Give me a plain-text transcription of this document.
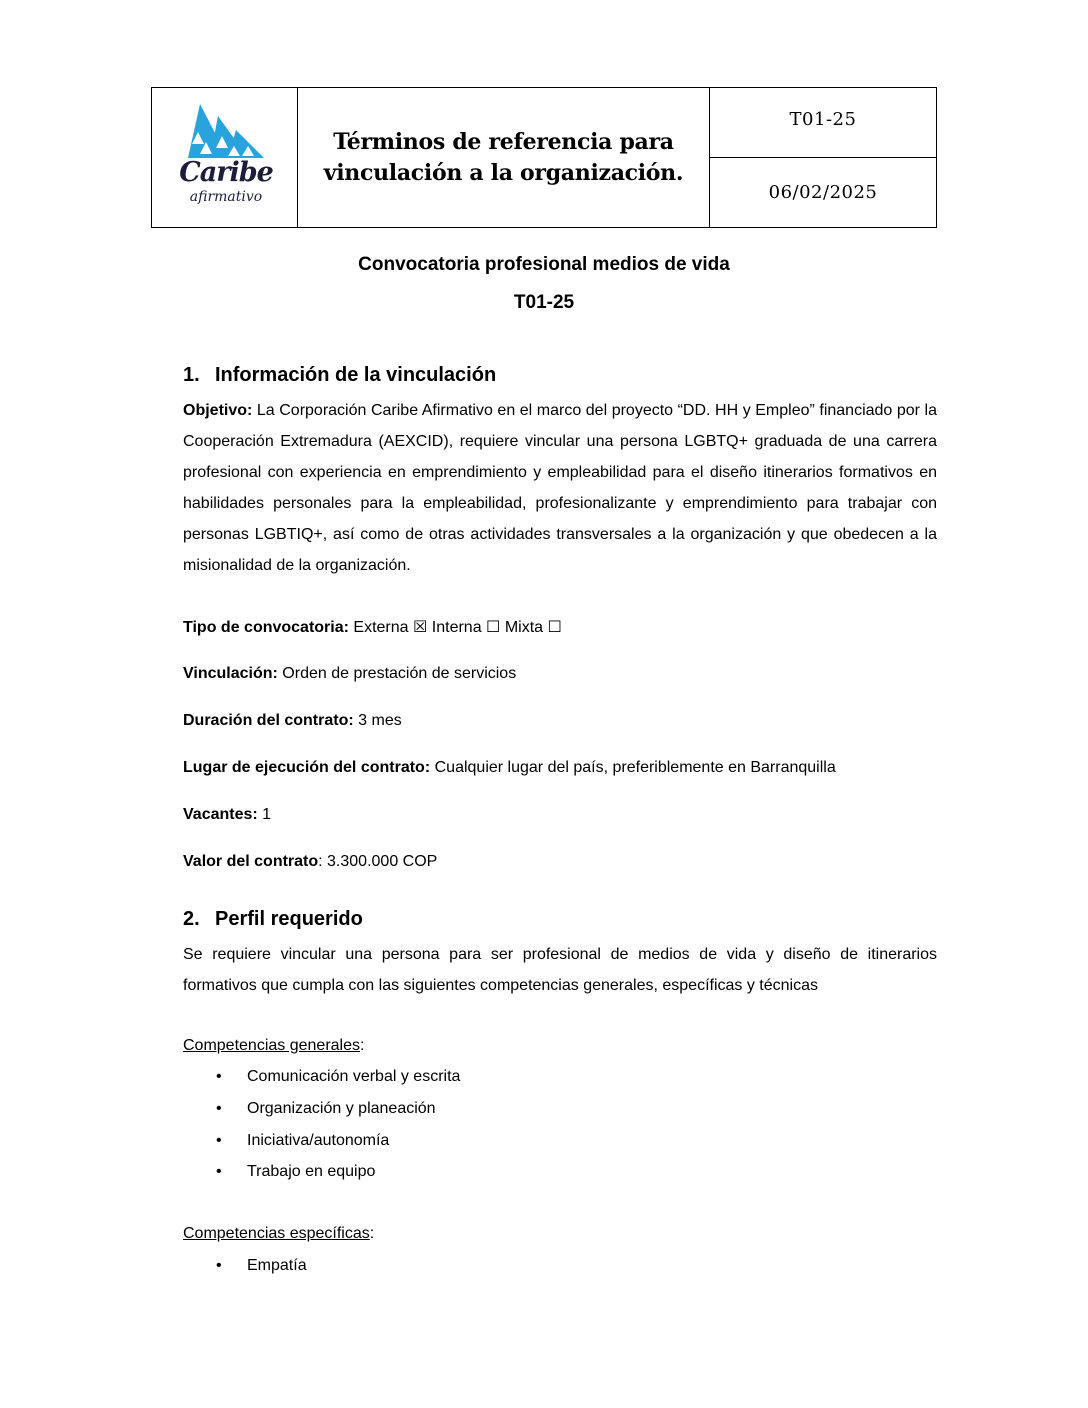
Caribe
afirmativo
Términos de referencia para
vinculación a la organización.
T01-25
06/02/2025
Convocatoria profesional medios de vida
T01-25
1. Información de la vinculación
Objetivo: La Corporación Caribe Afirmativo en el marco del proyecto “DD. HH y Empleo” financiado por la Cooperación Extremadura (AEXCID), requiere vincular una persona LGBTQ+ graduada de una carrera profesional con experiencia en emprendimiento y empleabilidad para el diseño itinerarios formativos en habilidades personales para la empleabilidad, profesionalizante y emprendimiento para trabajar con personas LGBTIQ+, así como de otras actividades transversales a la organización y que obedecen a la misionalidad de la organización.
Tipo de convocatoria: Externa ☒ Interna ☐ Mixta ☐
Vinculación: Orden de prestación de servicios
Duración del contrato: 3 mes
Lugar de ejecución del contrato: Cualquier lugar del país, preferiblemente en Barranquilla
Vacantes: 1
Valor del contrato: 3.300.000 COP
2. Perfil requerido
Se requiere vincular una persona para ser profesional de medios de vida y diseño de itinerarios formativos que cumpla con las siguientes competencias generales, específicas y técnicas
Competencias generales:
• Comunicación verbal y escrita
• Organización y planeación
• Iniciativa/autonomía
• Trabajo en equipo
Competencias específicas:
• Empatía
